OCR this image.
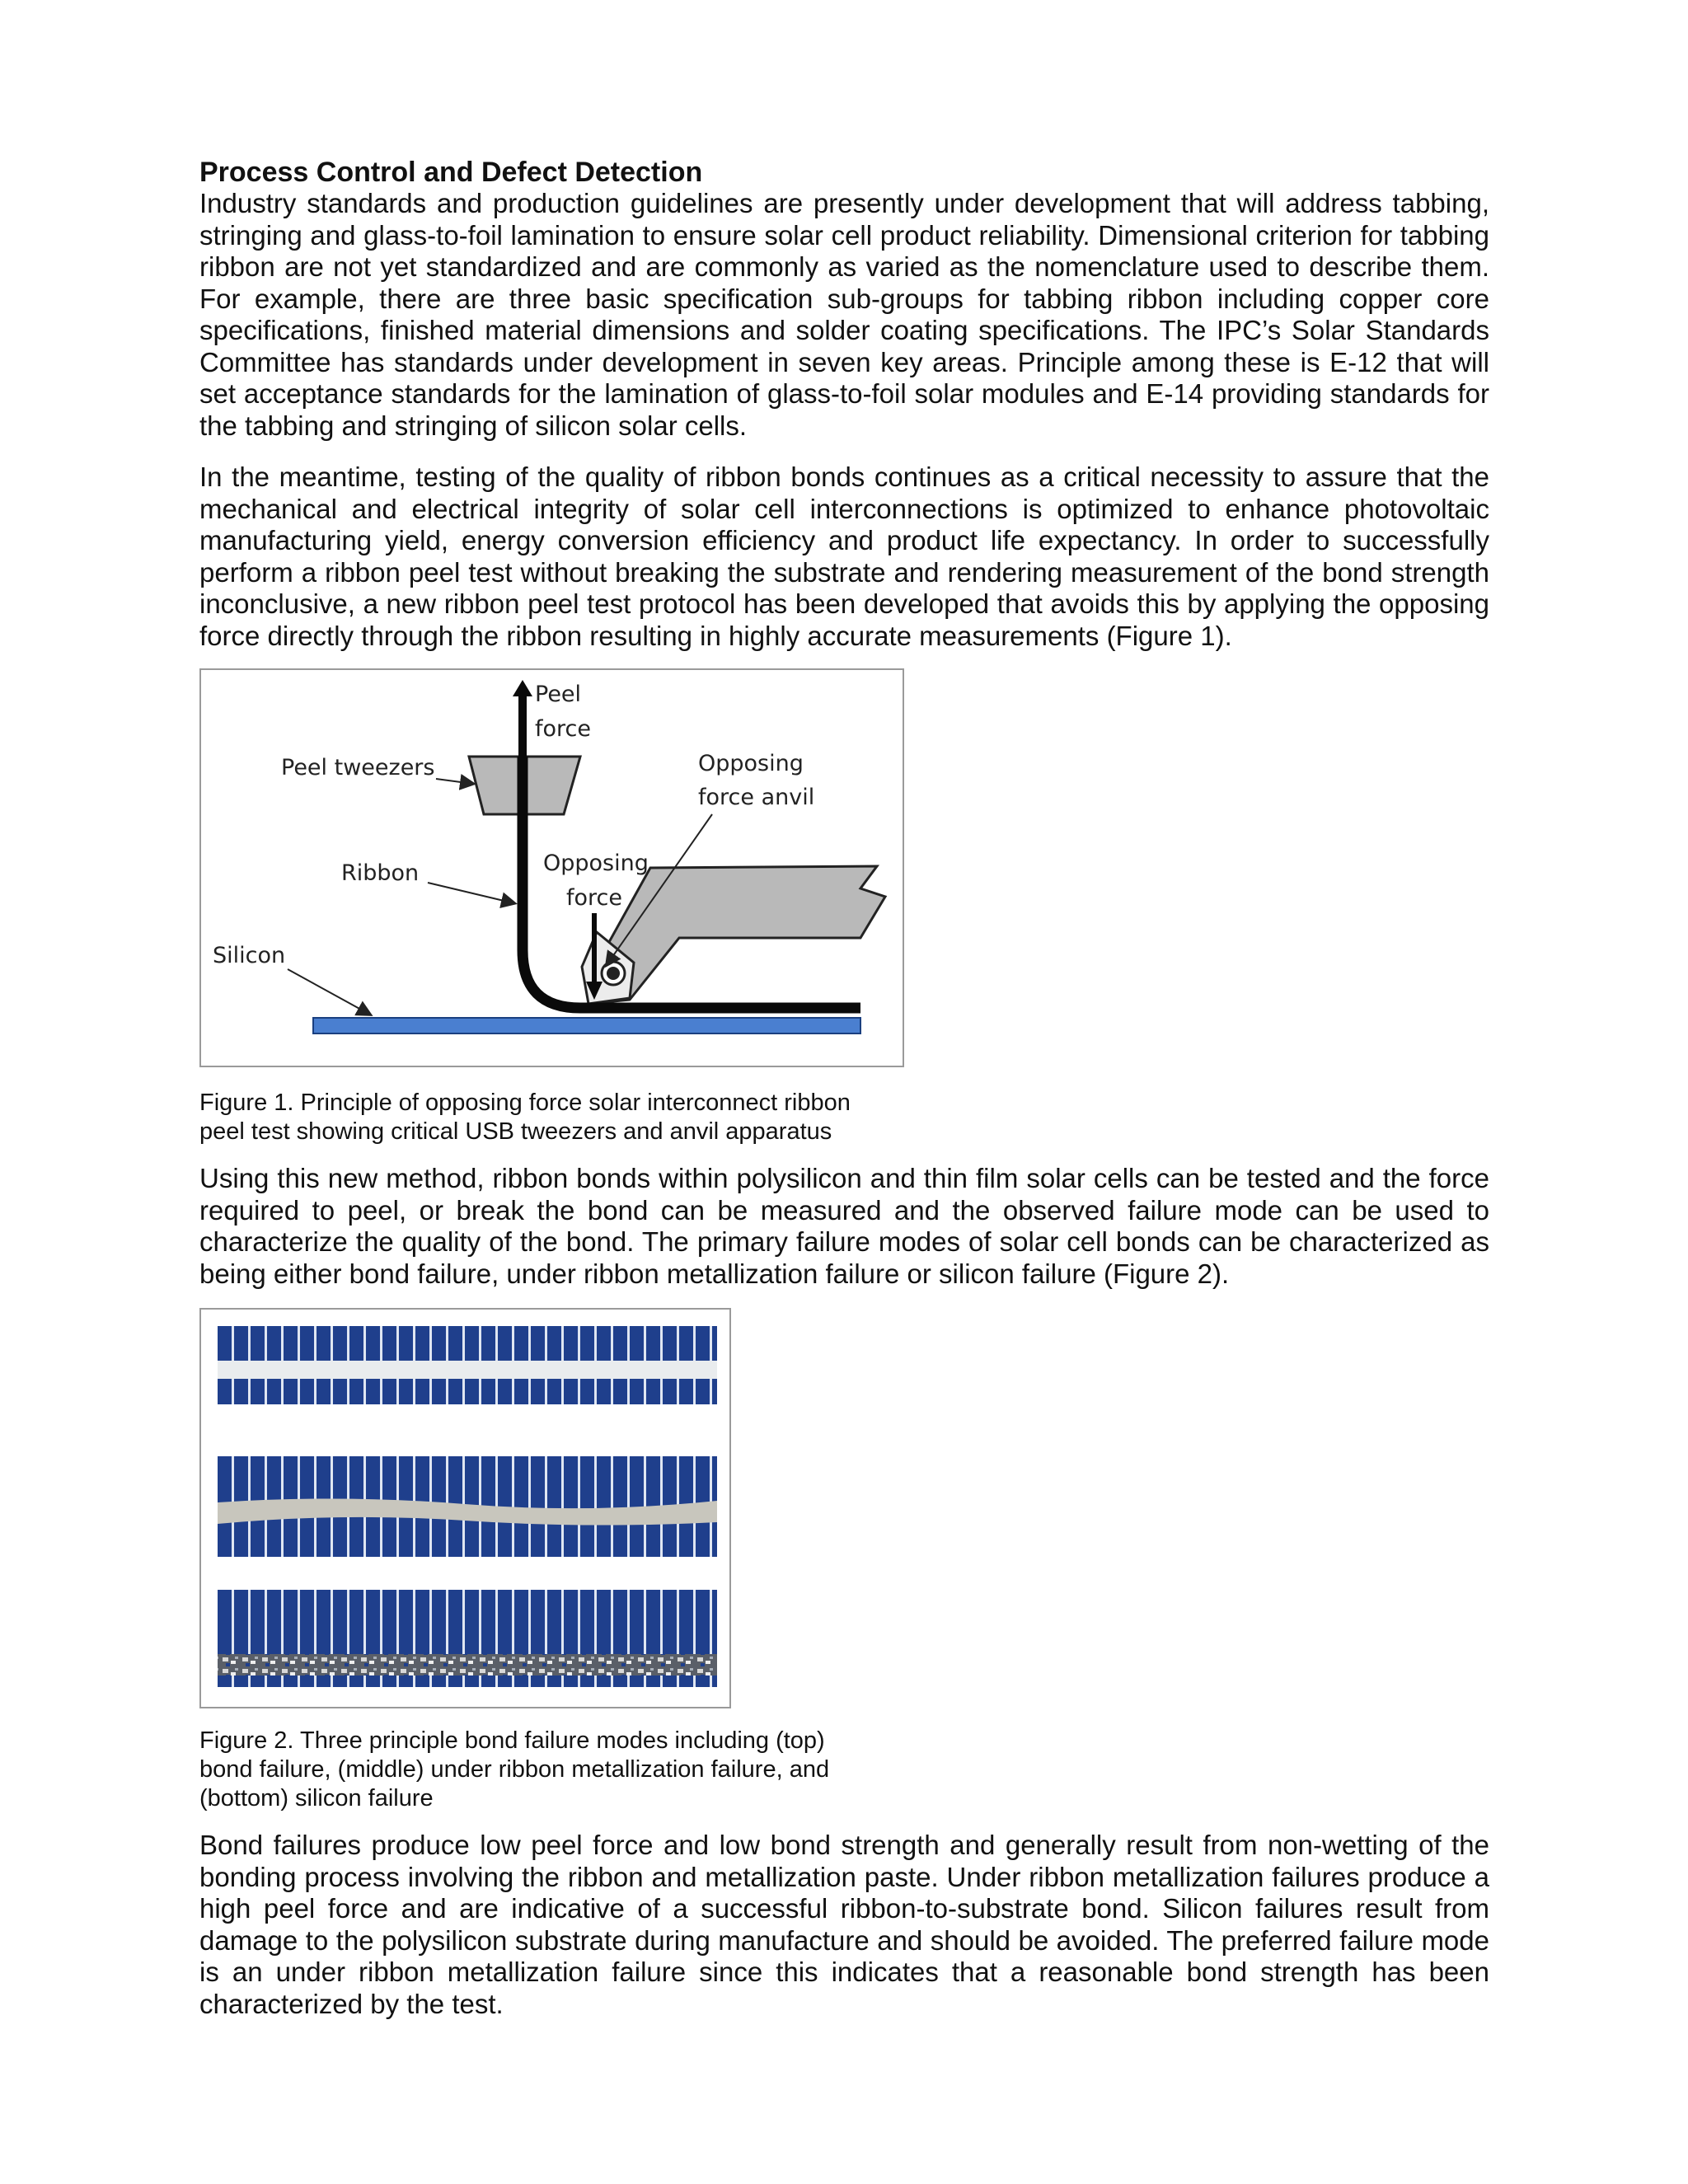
Process Control and Defect Detection

Industry standards and production guidelines are presently under development that will address tabbing, stringing and glass-to-foil lamination to ensure solar cell product reliability. Dimensional criterion for tabbing ribbon are not yet standardized and are commonly as varied as the nomenclature used to describe them. For example, there are three basic specification sub-groups for tabbing ribbon including copper core specifications, finished material dimensions and solder coating specifications. The IPC’s Solar Standards Committee has standards under development in seven key areas. Principle among these is E-12 that will set acceptance standards for the lamination of glass-to-foil solar modules and E-14 providing standards for the tabbing and stringing of silicon solar cells.

In the meantime, testing of the quality of ribbon bonds continues as a critical necessity to assure that the mechanical and electrical integrity of solar cell interconnections is optimized to enhance photovoltaic manufacturing yield, energy conversion efficiency and product life expectancy. In order to successfully perform a ribbon peel test without breaking the substrate and rendering measurement of the bond strength inconclusive, a new ribbon peel test protocol has been developed that avoids this by applying the opposing force directly through the ribbon resulting in highly accurate measurements (Figure 1).

Peel
force
Peel tweezers	Opposing
force anvil
Ribbon	Opposing
force
Silicon

Figure 1. Principle of opposing force solar interconnect ribbon
peel test showing critical USB tweezers and anvil apparatus

Using this new method, ribbon bonds within polysilicon and thin film solar cells can be tested and the force required to peel, or break the bond can be measured and the observed failure mode can be used to characterize the quality of the bond. The primary failure modes of solar cell bonds can be characterized as being either bond failure, under ribbon metallization failure or silicon failure (Figure 2).

Figure 2. Three principle bond failure modes including (top)
bond failure, (middle) under ribbon metallization failure, and
(bottom) silicon failure

Bond failures produce low peel force and low bond strength and generally result from non-wetting of the bonding process involving the ribbon and metallization paste. Under ribbon metallization failures produce a high peel force and are indicative of a successful ribbon-to-substrate bond. Silicon failures result from damage to the polysilicon substrate during manufacture and should be avoided. The preferred failure mode is an under ribbon metallization failure since this indicates that a reasonable bond strength has been characterized by the test.
